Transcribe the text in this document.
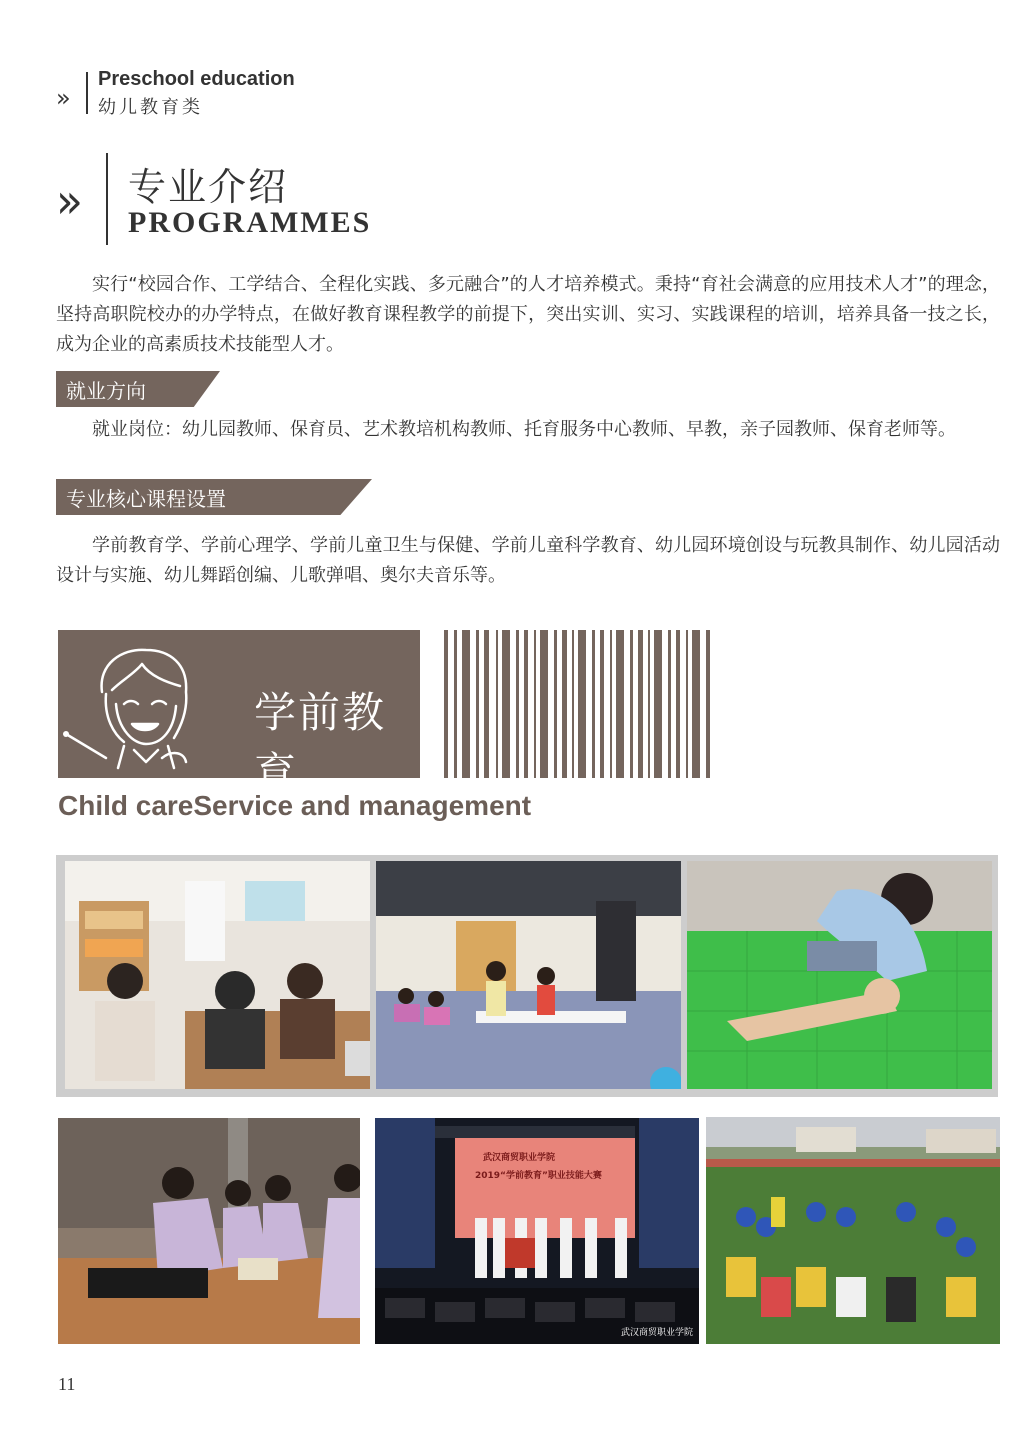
»
Preschool education
幼儿教育类
» 专业介绍
PROGRAMMES

实行“校园合作、工学结合、全程化实践、多元融合”的人才培养模式。秉持“育社会满意的应用技术人才”的理念，坚持高职院校办的办学特点，在做好教育课程教学的前提下，突出实训、实习、实践课程的培训，培养具备一技之长，成为企业的高素质技术技能型人才。

就业方向

就业岗位：幼儿园教师、保育员、艺术教培机构教师、托育服务中心教师、早教，亲子园教师、保育老师等。

专业核心课程设置

学前教育学、学前心理学、学前儿童卫生与保健、学前儿童科学教育、幼儿园环境创设与玩教具制作、幼儿园活动设计与实施、幼儿舞蹈创编、儿歌弹唱、奥尔夫音乐等。

学前教育
Child careService and management
武汉商贸职业学院
2019“学前教育”职业技能大赛
武汉商贸职业学院
11
